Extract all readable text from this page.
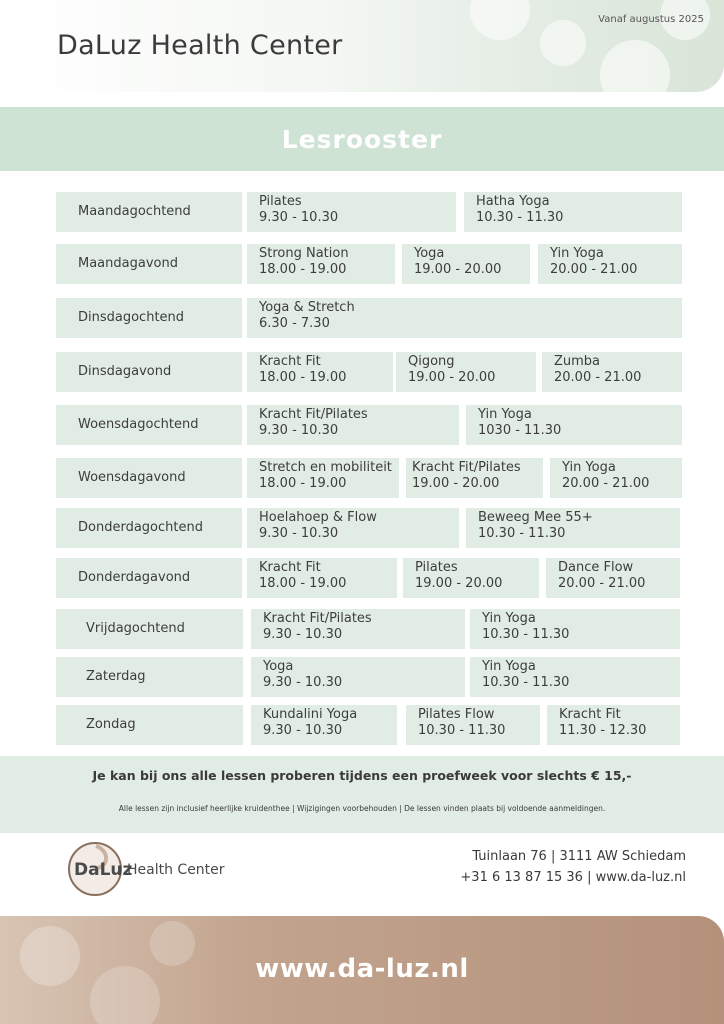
DaLuz Health Center
Vanaf augustus 2025
Lesrooster
Maandagochtend
Pilates
9.30 - 10.30
Hatha Yoga
10.30 - 11.30
Maandagavond
Strong Nation
18.00 - 19.00
Yoga
19.00 - 20.00
Yin Yoga
20.00 - 21.00
Dinsdagochtend
Yoga & Stretch
6.30 - 7.30
Dinsdagavond
Kracht Fit
18.00 - 19.00
Qigong
19.00 - 20.00
Zumba
20.00 - 21.00
Woensdagochtend
Kracht Fit/Pilates
9.30 - 10.30
Yin Yoga
1030 - 11.30
Woensdagavond
Stretch en mobiliteit
18.00 - 19.00
Kracht Fit/Pilates
19.00 - 20.00
Yin Yoga
20.00 - 21.00
Donderdagochtend
Hoelahoep & Flow
9.30 - 10.30
Beweeg Mee 55+
10.30 - 11.30
Donderdagavond
Kracht Fit
18.00 - 19.00
Pilates
19.00 - 20.00
Dance Flow
20.00 - 21.00
Vrijdagochtend
Kracht Fit/Pilates
9.30 - 10.30
Yin Yoga
10.30 - 11.30
Zaterdag
Yoga
9.30 - 10.30
Yin Yoga
10.30 - 11.30
Zondag
Kundalini Yoga
9.30 - 10.30
Pilates Flow
10.30 - 11.30
Kracht Fit
11.30 - 12.30
Je kan bij ons alle lessen proberen tijdens een proefweek voor slechts € 15,-
Alle lessen zijn inclusief heerlijke kruidenthee | Wijzigingen voorbehouden | De lessen vinden plaats bij voldoende aanmeldingen.
DaLuz
Health Center
Tuinlaan 76 | 3111 AW Schiedam
+31 6 13 87 15 36 | www.da-luz.nl
www.da-luz.nl
